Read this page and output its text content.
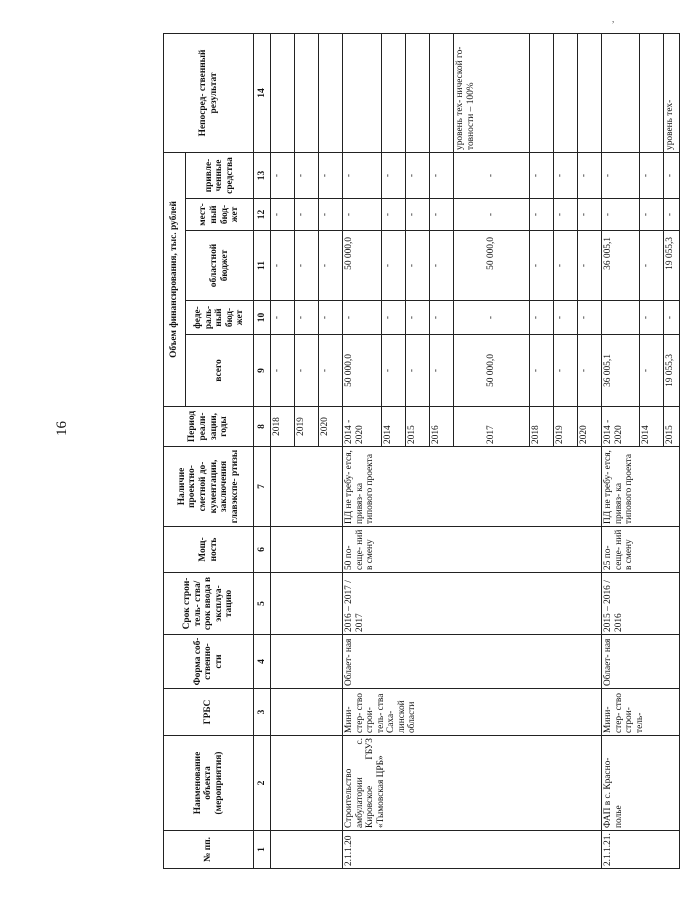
16
,
№ пп.	Наименование объекта (мероприятия)	ГРБС	Форма соб- ственно- сти	Срок строи- тель- ства/срок ввода в эксплуа- тацию	Мощ- ность	Наличие проектно- сметной до- кументации, заключения главэкспе- ртизы	Период реали- зации, годы	Объем финансирования, тыс. рублей					Непосред- ственный результат
								всего	феде- раль- ный бюд- жет	областной бюджет	мест- ный бюд- жет	привле- ченные средства	
1	2	3	4	5	6	7	8	9	10	11	12	13	14
							2018	-	-	-	-	-	
							2019	-	-	-	-	-	
							2020	-	-	-	-	-	
2.1.1.20	Строительство амбулатории с. Кировское ГБУЗ «Тымовская ЦРБ»	Мини- стер- ство строи- тель- ства Саха- линской области	Облает- ная	2016 – 2017 / 2017	50 по- сеще- ний в смену	ПД не требу- ется, привяз- ка типового проекта	2014 - 2020	50 000,0	-	50 000,0	-	-	
							2014	-	-	-	-	-	
							2015	-	-	-	-	-	
							2016	-	-	-	-	-	
							2017	50 000,0	-	50 000,0	-	-	уровень тех- нической го- товности – 100%
							2018	-	-	-	-	-	
							2019	-	-	-	-	-	
							2020	-	-	-	-	-	
2.1.1.21.	ФАП в с. Красно- полье	Мини- стер- ство строи- тель-	Облает- ная	2015 – 2016 / 2016	25 по- сеще- ний в смену	ПД не требу- ется, привяз- ка типового проекта	2014 - 2020	36 005,1		36 005,1	-	-	
							2014	-	-	-	-	-	
							2015	19 055,3	-	19 055,3	-	-	уровень тех-
